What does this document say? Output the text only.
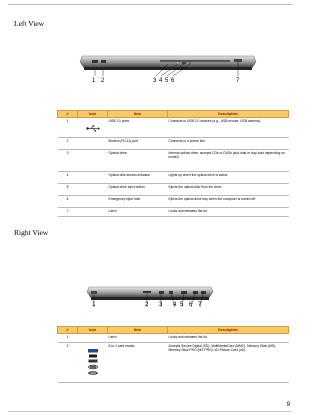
Left View
1 2	3 4 5 6	7
#	Icon	Item	Description
1		USB 2.0 ports	Connects to USB 2.0 devices (e.g., USB mouse, USB camera).
2		Modem (RJ-11) port	Connects to a phone line.
3		Optical drive	Internal optical drive; accepts CDs or DVDs (slot-load or tray-load depending on model).
4		Optical disk access indicator	Lights up when the optical drive is active.
5		Optical drive eject button	Ejects the optical disk from the drive.
6		Emergency eject hole	Ejects the optical drive tray when the computer is turned off.
7		Latch	Locks and releases the lid.
Right View
1	2 3 4 5 6 7
#	Icon	Item	Description
1		Latch	Locks and releases the lid.
2		5-in-1 card reader	Accepts Secure Digital (SD), MultiMediaCard (MMC), Memory Stick (MS), Memory Stick PRO (MS PRO), xD-Picture Card (xD).
9
